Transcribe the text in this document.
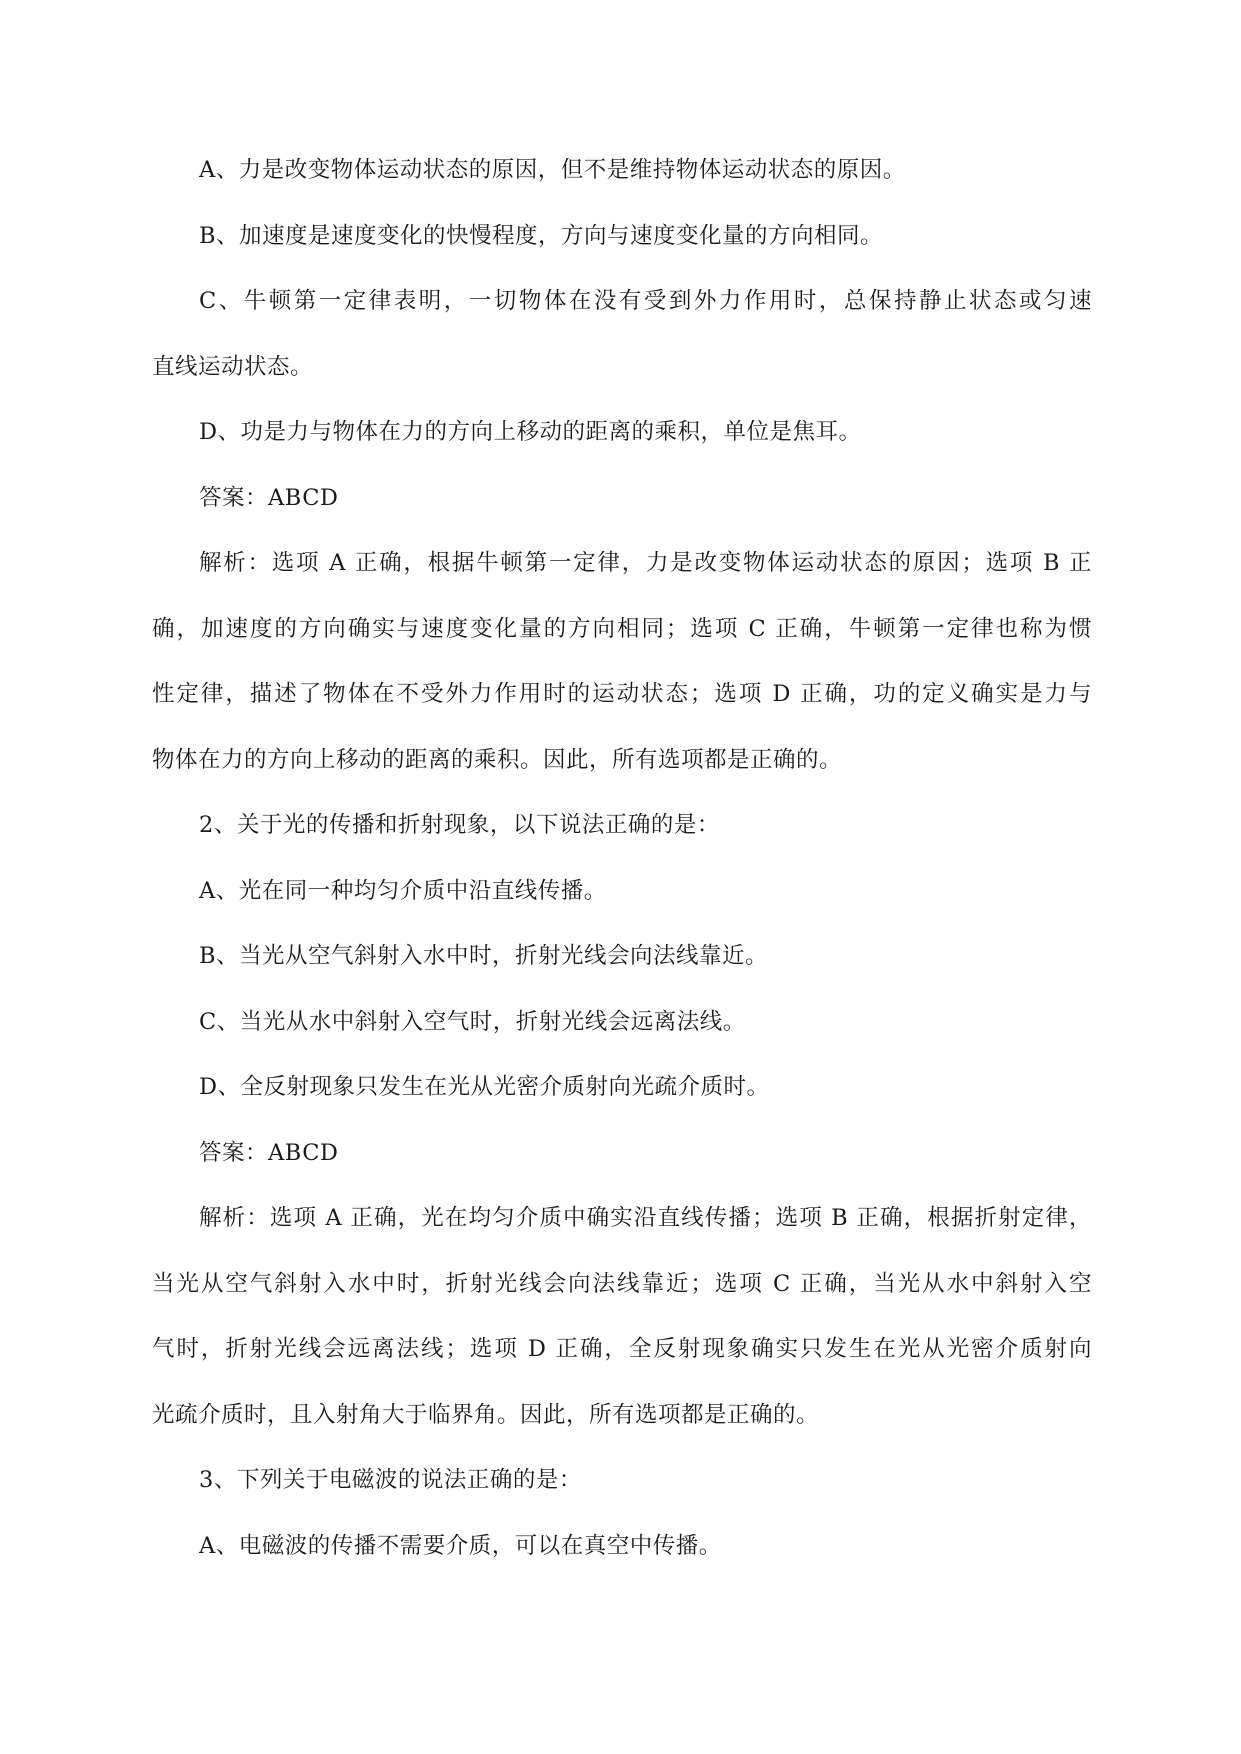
A、力是改变物体运动状态的原因，但不是维持物体运动状态的原因。
B、加速度是速度变化的快慢程度，方向与速度变化量的方向相同。
C、牛顿第一定律表明，一切物体在没有受到外力作用时，总保持静止状态或匀速
直线运动状态。
D、功是力与物体在力的方向上移动的距离的乘积，单位是焦耳。
答案：ABCD
解析：选项 A 正确，根据牛顿第一定律，力是改变物体运动状态的原因；选项 B 正
确，加速度的方向确实与速度变化量的方向相同；选项 C 正确，牛顿第一定律也称为惯
性定律，描述了物体在不受外力作用时的运动状态；选项 D 正确，功的定义确实是力与
物体在力的方向上移动的距离的乘积。因此，所有选项都是正确的。
2、关于光的传播和折射现象，以下说法正确的是：
A、光在同一种均匀介质中沿直线传播。
B、当光从空气斜射入水中时，折射光线会向法线靠近。
C、当光从水中斜射入空气时，折射光线会远离法线。
D、全反射现象只发生在光从光密介质射向光疏介质时。
答案：ABCD
解析：选项 A 正确，光在均匀介质中确实沿直线传播；选项 B 正确，根据折射定律，
当光从空气斜射入水中时，折射光线会向法线靠近；选项 C 正确，当光从水中斜射入空
气时，折射光线会远离法线；选项 D 正确，全反射现象确实只发生在光从光密介质射向
光疏介质时，且入射角大于临界角。因此，所有选项都是正确的。
3、下列关于电磁波的说法正确的是：
A、电磁波的传播不需要介质，可以在真空中传播。
